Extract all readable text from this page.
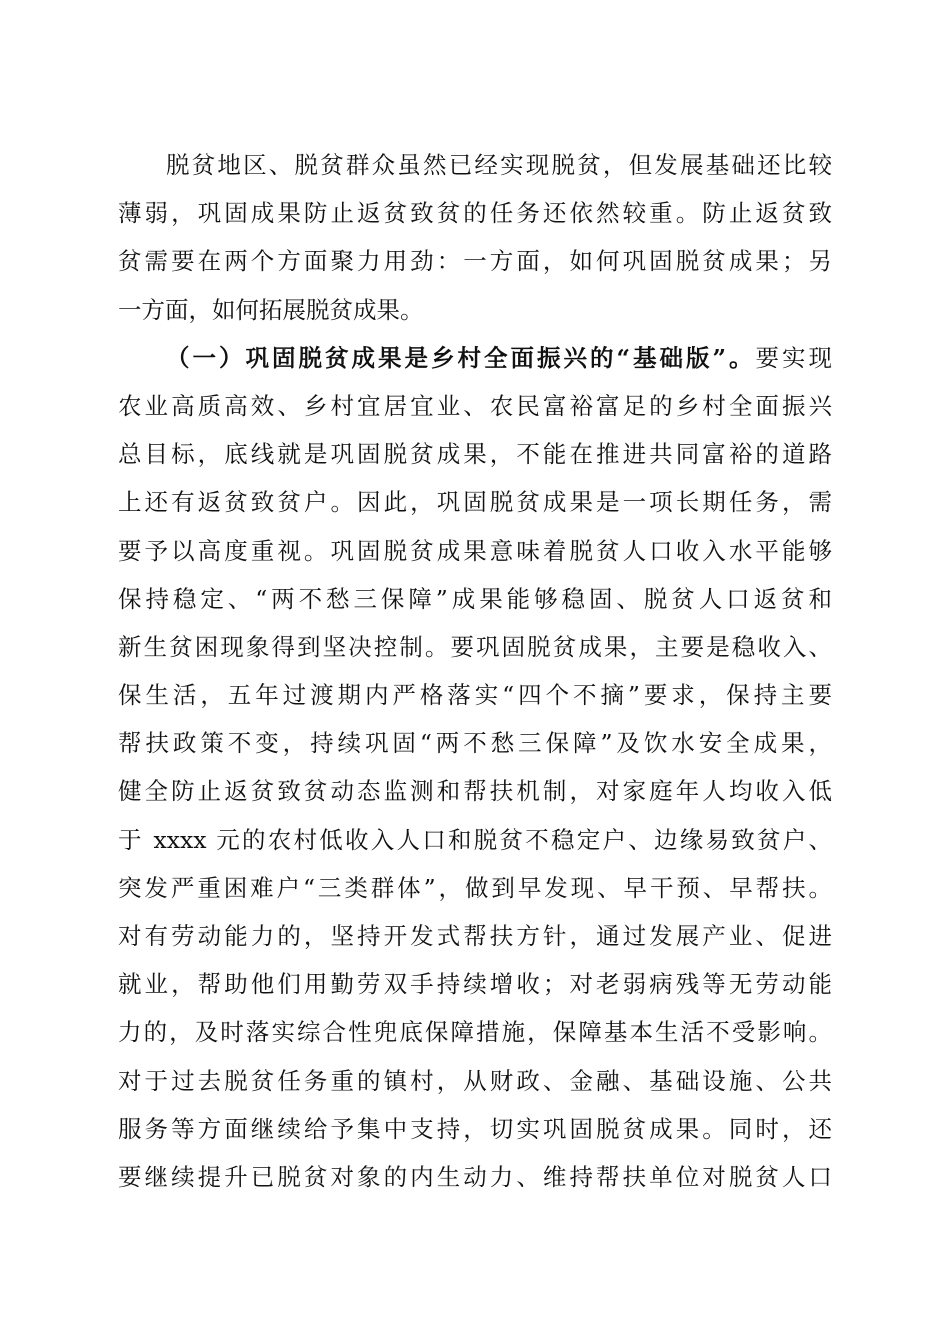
脱贫地区、脱贫群众虽然已经实现脱贫，但发展基础还比较
薄弱，巩固成果防止返贫致贫的任务还依然较重。防止返贫致
贫需要在两个方面聚力用劲：一方面，如何巩固脱贫成果；另
一方面，如何拓展脱贫成果。
（一）巩固脱贫成果是乡村全面振兴的“基础版”。要实现
农业高质高效、乡村宜居宜业、农民富裕富足的乡村全面振兴
总目标，底线就是巩固脱贫成果，不能在推进共同富裕的道路
上还有返贫致贫户。因此，巩固脱贫成果是一项长期任务，需
要予以高度重视。巩固脱贫成果意味着脱贫人口收入水平能够
保持稳定、“两不愁三保障”成果能够稳固、脱贫人口返贫和
新生贫困现象得到坚决控制。要巩固脱贫成果，主要是稳收入、
保生活，五年过渡期内严格落实“四个不摘”要求，保持主要
帮扶政策不变，持续巩固“两不愁三保障”及饮水安全成果，
健全防止返贫致贫动态监测和帮扶机制，对家庭年人均收入低
于 xxxx 元的农村低收入人口和脱贫不稳定户、边缘易致贫户、
突发严重困难户“三类群体”，做到早发现、早干预、早帮扶。
对有劳动能力的，坚持开发式帮扶方针，通过发展产业、促进
就业，帮助他们用勤劳双手持续增收；对老弱病残等无劳动能
力的，及时落实综合性兜底保障措施，保障基本生活不受影响。
对于过去脱贫任务重的镇村，从财政、金融、基础设施、公共
服务等方面继续给予集中支持，切实巩固脱贫成果。同时，还
要继续提升已脱贫对象的内生动力、维持帮扶单位对脱贫人口
